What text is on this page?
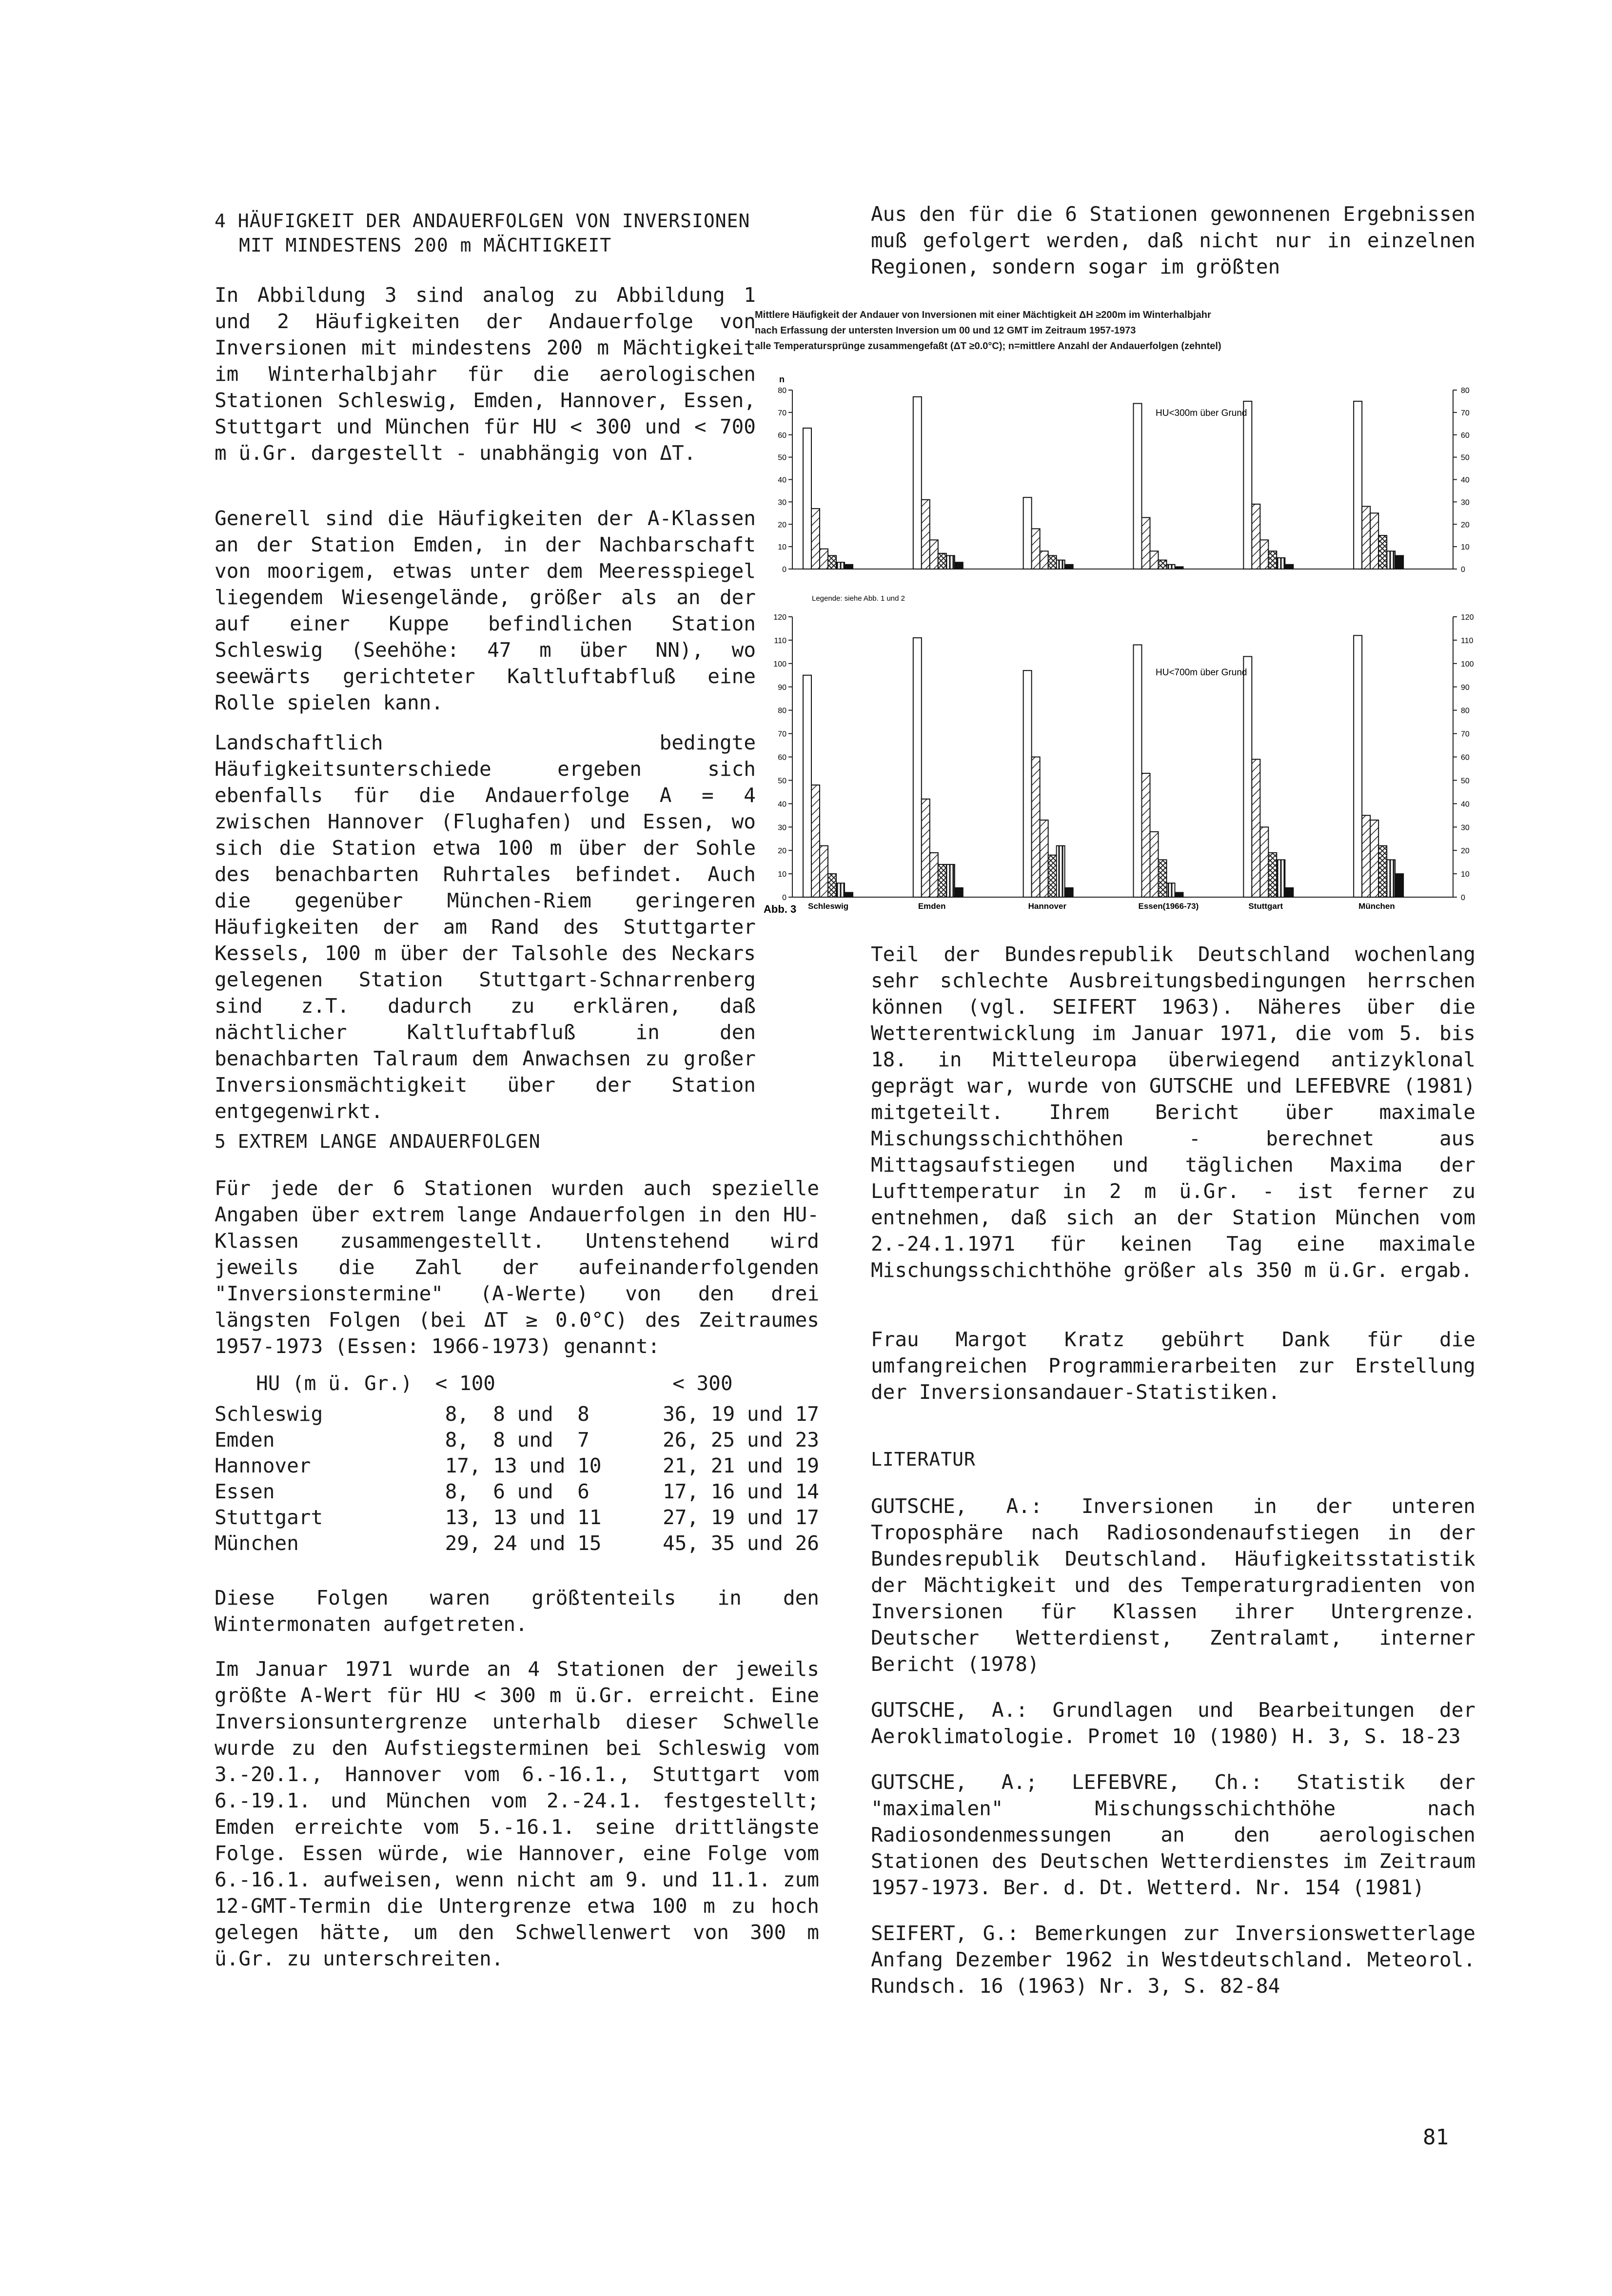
4 HÄUFIGKEIT DER ANDAUERFOLGEN VON INVERSIONEN
MIT MINDESTENS 200 m MÄCHTIGKEIT
In Abbildung 3 sind analog zu Abbildung 1 und 2 Häufigkeiten der Andauerfolge von Inversionen mit mindestens 200 m Mächtigkeit im Winterhalbjahr für die aerologischen Stationen Schleswig, Emden, Hannover, Essen, Stuttgart und München für HU < 300 und < 700 m ü.Gr. dargestellt - unabhängig von ΔT.
Generell sind die Häufigkeiten der A-Klassen an der Station Emden, in der Nachbarschaft von moorigem, etwas unter dem Meeresspiegel liegendem Wiesengelände, größer als an der auf einer Kuppe befindlichen Station Schleswig (Seehöhe: 47 m über NN), wo seewärts gerichteter Kaltluftabfluß eine Rolle spielen kann.
Landschaftlich bedingte Häufigkeitsunterschiede ergeben sich ebenfalls für die Andauerfolge A = 4 zwischen Hannover (Flughafen) und Essen, wo sich die Station etwa 100 m über der Sohle des benachbarten Ruhrtales befindet. Auch die gegenüber München-Riem geringeren Häufigkeiten der am Rand des Stuttgarter Kessels, 100 m über der Talsohle des Neckars gelegenen Station Stuttgart-Schnarrenberg sind z.T. dadurch zu erklären, daß nächtlicher Kaltluftabfluß in den benachbarten Talraum dem Anwachsen zu großer Inversionsmächtigkeit über der Station entgegenwirkt.
5 EXTREM LANGE ANDAUERFOLGEN
Für jede der 6 Stationen wurden auch spezielle Angaben über extrem lange Andauerfolgen in den HU-Klassen zusammengestellt. Untenstehend wird jeweils die Zahl der aufeinanderfolgenden "Inversionstermine" (A-Werte) von den drei längsten Folgen (bei ΔT ≥ 0.0°C) des Zeitraumes 1957-1973 (Essen: 1966-1973) genannt:
HU (m ü. Gr.)	< 100	< 300

Schleswig	8,  8 und  8	36, 19 und 17
Emden	8,  8 und  7	26, 25 und 23
Hannover	17, 13 und 10	21, 21 und 19
Essen	8,  6 und  6	17, 16 und 14
Stuttgart	13, 13 und 11	27, 19 und 17
München	29, 24 und 15	45, 35 und 26
Diese Folgen waren größtenteils in den Wintermonaten aufgetreten.
Im Januar 1971 wurde an 4 Stationen der jeweils größte A-Wert für HU < 300 m ü.Gr. erreicht. Eine Inversionsuntergrenze unterhalb dieser Schwelle wurde zu den Aufstiegsterminen bei Schleswig vom 3.-20.1., Hannover vom 6.-16.1., Stuttgart vom 6.-19.1. und München vom 2.-24.1. festgestellt; Emden erreichte vom 5.-16.1. seine drittlängste Folge. Essen würde, wie Hannover, eine Folge vom 6.-16.1. aufweisen, wenn nicht am 9. und 11.1. zum 12-GMT-Termin die Untergrenze etwa 100 m zu hoch gelegen hätte, um den Schwellenwert von 300 m ü.Gr. zu unterschreiten.
Aus den für die 6 Stationen gewonnenen Ergebnissen muß gefolgert werden, daß nicht nur in einzelnen Regionen, sondern sogar im größten
Mittlere Häufigkeit der Andauer von Inversionen mit einer Mächtigkeit ΔH ≥200m im Winterhalbjahr
nach Erfassung der untersten Inversion um 00 und 12 GMT im Zeitraum 1957-1973
alle Temperatursprünge zusammengefaßt (ΔT ≥0.0°C); n=mittlere Anzahl der Andauerfolgen (zehntel)
0	0
10	10
20	20
30	30
40	40
50	50
60	60
70	70
80	80
HU<300m über Grund
0	0
10	10
20	20
30	30
40	40
50	50
60	60
70	70
80	80
90	90
100	100
110	110
120	120
Schleswig	Emden	Hannover	Essen(1966-73)	Stuttgart	München
HU<700m über Grund
Legende: siehe Abb. 1 und 2
n
Abb. 3
Teil der Bundesrepublik Deutschland wochenlang sehr schlechte Ausbreitungsbedingungen herrschen können (vgl. SEIFERT 1963). Näheres über die Wetterentwicklung im Januar 1971, die vom 5. bis 18. in Mitteleuropa überwiegend antizyklonal geprägt war, wurde von GUTSCHE und LEFEBVRE (1981) mitgeteilt. Ihrem Bericht über maximale Mischungsschichthöhen - berechnet aus Mittagsaufstiegen und täglichen Maxima der Lufttemperatur in 2 m ü.Gr. - ist ferner zu entnehmen, daß sich an der Station München vom 2.-24.1.1971 für keinen Tag eine maximale Mischungsschichthöhe größer als 350 m ü.Gr. ergab.
Frau Margot Kratz gebührt Dank für die umfangreichen Programmierarbeiten zur Erstellung der Inversionsandauer-Statistiken.
LITERATUR

GUTSCHE, A.: Inversionen in der unteren Troposphäre nach Radiosondenaufstiegen in der Bundesrepublik Deutschland. Häufigkeitsstatistik der Mächtigkeit und des Temperaturgradienten von Inversionen für Klassen ihrer Untergrenze. Deutscher Wetterdienst, Zentralamt, interner Bericht (1978)

GUTSCHE, A.: Grundlagen und Bearbeitungen der Aeroklimatologie. Promet 10 (1980) H. 3, S. 18-23

GUTSCHE, A.; LEFEBVRE, Ch.: Statistik der "maximalen" Mischungsschichthöhe nach Radiosondenmessungen an den aerologischen Stationen des Deutschen Wetterdienstes im Zeitraum 1957-1973. Ber. d. Dt. Wetterd. Nr. 154 (1981)

SEIFERT, G.: Bemerkungen zur Inversionswetterlage Anfang Dezember 1962 in Westdeutschland. Meteorol. Rundsch. 16 (1963) Nr. 3, S. 82-84

81
